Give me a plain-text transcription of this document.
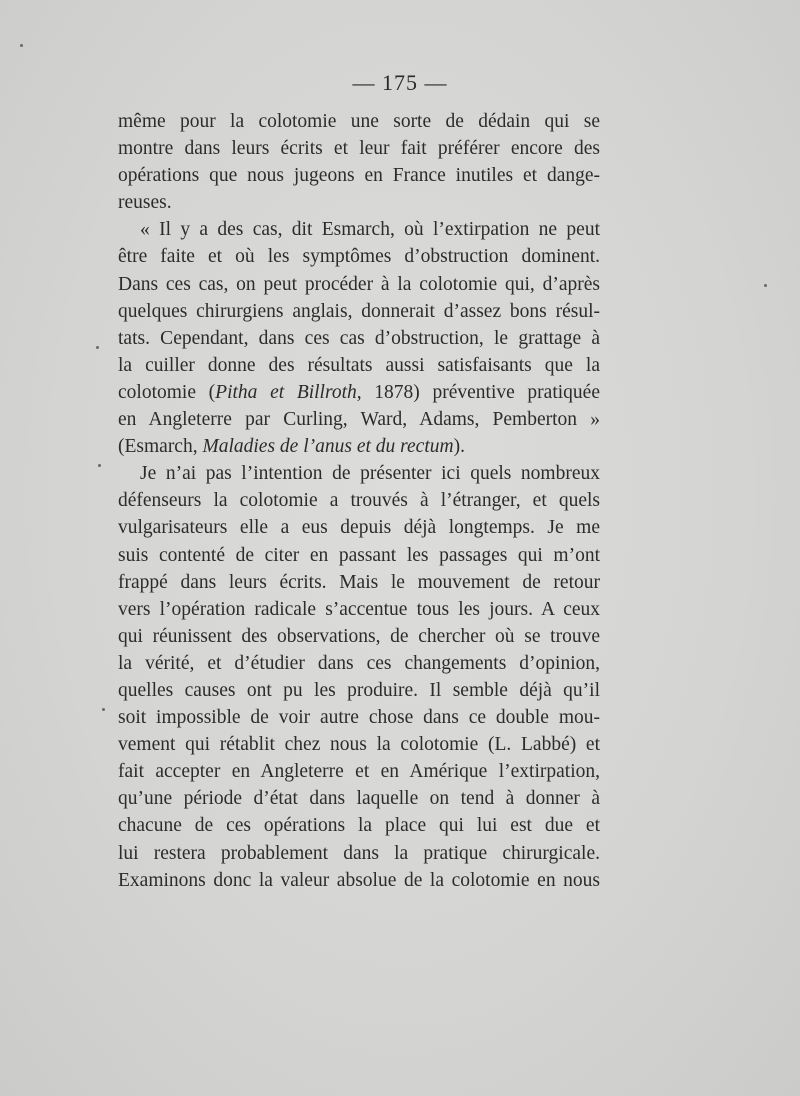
— 175 —
même pour la colotomie une sorte de dédain qui se
montre dans leurs écrits et leur fait préférer encore des
opérations que nous jugeons en France inutiles et dange-
reuses.
« Il y a des cas, dit Esmarch, où l’extirpation ne peut
être faite et où les symptômes d’obstruction dominent.
Dans ces cas, on peut procéder à la colotomie qui, d’après
quelques chirurgiens anglais, donnerait d’assez bons résul-
tats. Cependant, dans ces cas d’obstruction, le grattage à
la cuiller donne des résultats aussi satisfaisants que la
colotomie (Pitha et Billroth, 1878) préventive pratiquée
en Angleterre par Curling, Ward, Adams, Pemberton »
(Esmarch, Maladies de l’anus et du rectum).
Je n’ai pas l’intention de présenter ici quels nombreux
défenseurs la colotomie a trouvés à l’étranger, et quels
vulgarisateurs elle a eus depuis déjà longtemps. Je me
suis contenté de citer en passant les passages qui m’ont
frappé dans leurs écrits. Mais le mouvement de retour
vers l’opération radicale s’accentue tous les jours. A ceux
qui réunissent des observations, de chercher où se trouve
la vérité, et d’étudier dans ces changements d’opinion,
quelles causes ont pu les produire. Il semble déjà qu’il
soit impossible de voir autre chose dans ce double mou-
vement qui rétablit chez nous la colotomie (L. Labbé) et
fait accepter en Angleterre et en Amérique l’extirpation,
qu’une période d’état dans laquelle on tend à donner à
chacune de ces opérations la place qui lui est due et
lui restera probablement dans la pratique chirurgicale.
Examinons donc la valeur absolue de la colotomie en nous
